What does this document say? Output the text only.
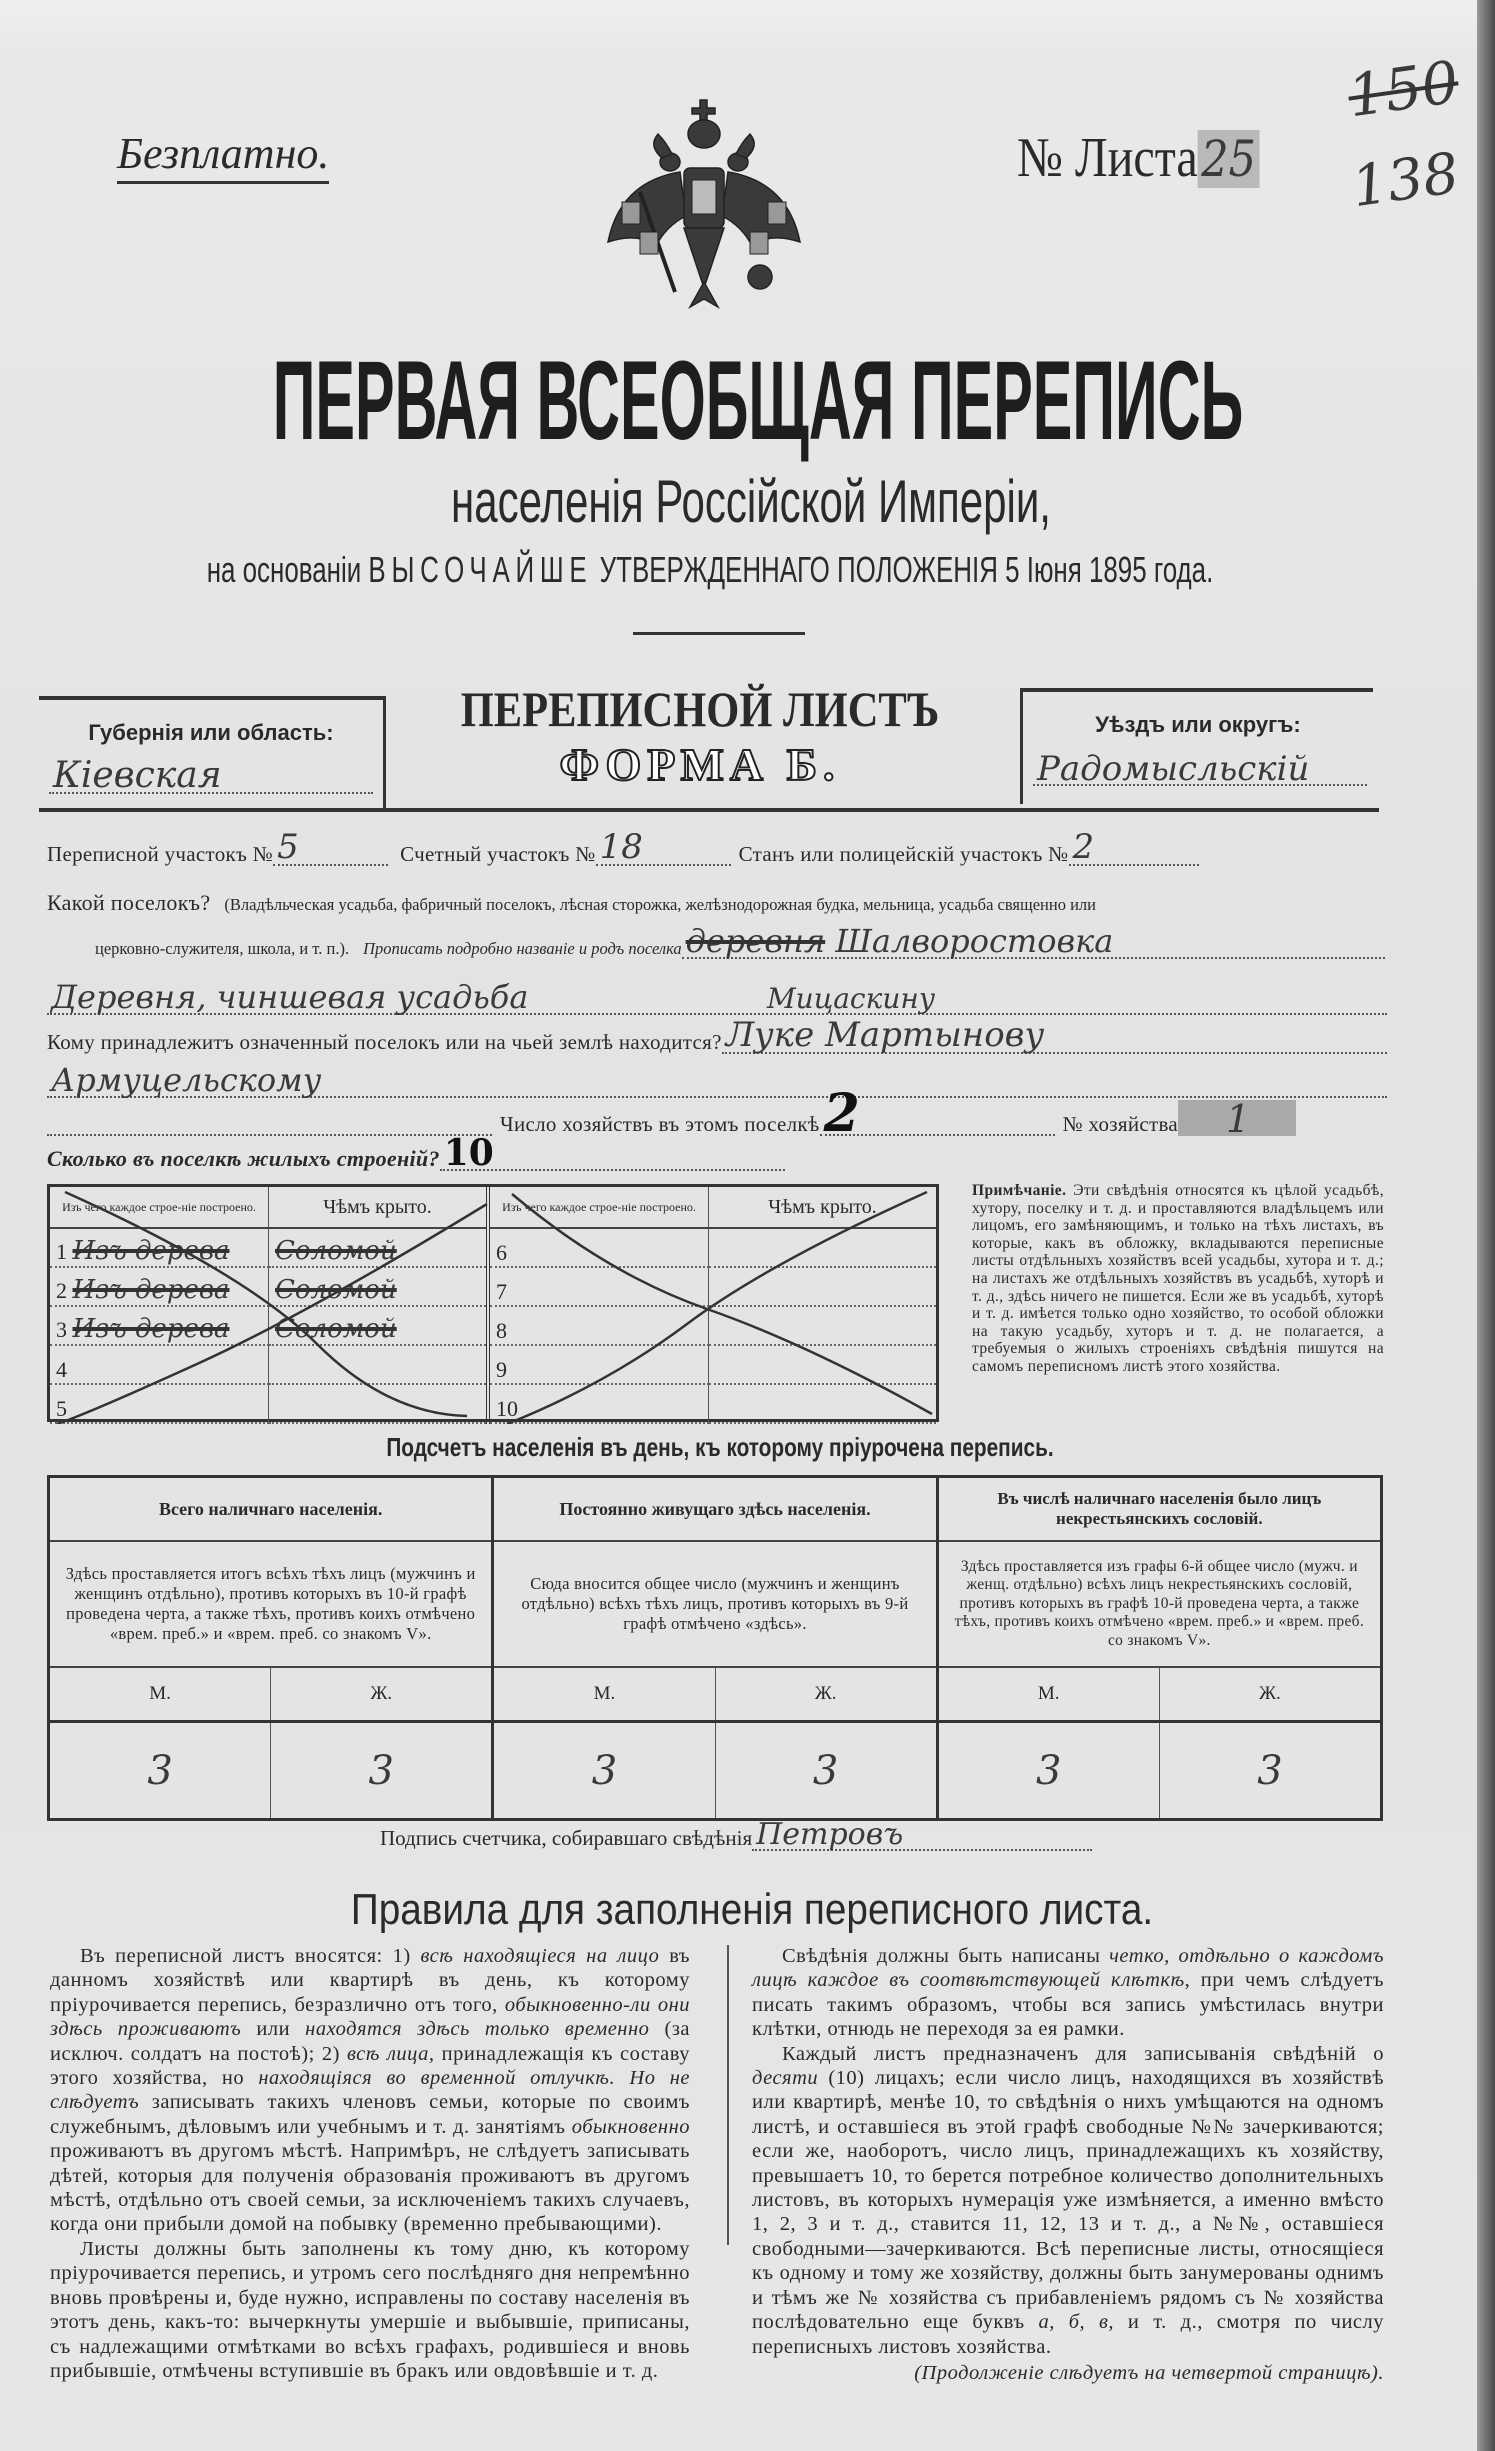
Безплатно.	№ Листа25
150
138
ПЕРВАЯ ВСЕОБЩАЯ ПЕРЕПИСЬ
населенія Россійской Имперіи,
на основаніи ВЫСОЧАЙШЕ УТВЕРЖДЕННАГО ПОЛОЖЕНІЯ 5 Іюня 1895 года.
Губернія или область:
Кіевская
ПЕРЕПИСНОЙ ЛИСТЪ
ФОРМА Б.
Уѣздъ или округъ:
Радомысльскій
Переписной участокъ № 5	Счетный участокъ № 18	Станъ или полицейскій участокъ № 2
Какой поселокъ? (Владѣльческая усадьба, фабричный поселокъ, лѣсная сторожка, желѣзнодорожная будка, мельница, усадьба священно или
церковно-служителя, школа, и т. п.). Прописать подробно названіе и родъ поселка деревня Шалворостовка
Деревня, чиншевая усадьба	Мицаскину
Кому принадлежитъ означенный поселокъ или на чьей землѣ находится? Луке Мартынову
Армуцельскому
Число хозяйствъ въ этомъ поселкѣ 2	№ хозяйства 1
Сколько въ поселкѣ жилыхъ строеній? 10
Изъ чего каждое строе-ніе построено.	Чѣмъ крыто.
1 Изъ дерева	Соломой
2 Изъ дерева	Соломой
3 Изъ дерева	Соломой
4	
5	
Изъ чего каждое строе-ніе построено.	Чѣмъ крыто.
6	
7	
8	
9	
10	
Примѣчаніе. Эти свѣдѣнія относятся къ цѣлой усадьбѣ, хутору, поселку и т. д. и проставляются владѣльцемъ или лицомъ, его замѣняющимъ, и только на тѣхъ листахъ, въ которые, какъ въ обложку, вкладываются переписные листы отдѣльныхъ хозяйствъ всей усадьбы, хутора и т. д.; на листахъ же отдѣльныхъ хозяйствъ въ усадьбѣ, хуторѣ и т. д., здѣсь ничего не пишется. Если же въ усадьбѣ, хуторѣ и т. д. имѣется только одно хозяйство, то особой обложки на такую усадьбу, хуторъ и т. д. не полагается, а требуемыя о жилыхъ строеніяхъ свѣдѣнія пишутся на самомъ переписномъ листѣ этого хозяйства.
Подсчетъ населенія въ день, къ которому пріурочена перепись.
Всего наличнаго населенія.
Здѣсь проставляется итогъ всѣхъ тѣхъ лицъ (мужчинъ и женщинъ отдѣльно), противъ которыхъ въ 10-й графѣ проведена черта, а также тѣхъ, противъ коихъ отмѣчено «врем. преб.» и «врем. преб. со знакомъ V».
М.	Ж.
3	3
Постоянно живущаго здѣсь населенія.
Сюда вносится общее число (мужчинъ и женщинъ отдѣльно) всѣхъ тѣхъ лицъ, противъ которыхъ въ 9-й графѣ отмѣчено «здѣсь».
М.	Ж.
3	3
Въ числѣ наличнаго населенія было лицъ некрестьянскихъ сословій.
Здѣсь проставляется изъ графы 6-й общее число (мужч. и женщ. отдѣльно) всѣхъ лицъ некрестьянскихъ сословій, противъ которыхъ въ графѣ 10-й проведена черта, а также тѣхъ, противъ коихъ отмѣчено «врем. преб.» и «врем. преб. со знакомъ V».
М.	Ж.
3	3
Подпись счетчика, собиравшаго свѣдѣнія Петровъ
Правила для заполненія переписного листа.

Въ переписной листъ вносятся: 1) всѣ находящіеся на лицо въ данномъ хозяйствѣ или квартирѣ въ день, къ которому пріурочивается перепись, безразлично отъ того, обыкновенно-ли они здѣсь проживаютъ или находятся здѣсь только временно (за исключ. солдатъ на постоѣ); 2) всѣ лица, принадлежащія къ составу этого хозяйства, но находящіяся во временной отлучкѣ. Но не слѣдуетъ записывать такихъ членовъ семьи, которые по своимъ служебнымъ, дѣловымъ или учебнымъ и т. д. занятіямъ обыкновенно проживаютъ въ другомъ мѣстѣ. Напримѣръ, не слѣдуетъ записывать дѣтей, которыя для полученія образованія проживаютъ въ другомъ мѣстѣ, отдѣльно отъ своей семьи, за исключеніемъ такихъ случаевъ, когда они прибыли домой на побывку (временно пребывающими).

Листы должны быть заполнены къ тому дню, къ которому пріурочивается перепись, и утромъ сего послѣдняго дня непремѣнно вновь провѣрены и, буде нужно, исправлены по составу населенія въ этотъ день, какъ-то: вычеркнуты умершіе и выбывшіе, приписаны, съ надлежащими отмѣтками во всѣхъ графахъ, родившіеся и вновь прибывшіе, отмѣчены вступившіе въ бракъ или овдовѣвшіе и т. д.

Свѣдѣнія должны быть написаны четко, отдѣльно о каждомъ лицѣ каждое въ соотвѣтствующей клѣткѣ, при чемъ слѣдуетъ писать такимъ образомъ, чтобы вся запись умѣстилась внутри клѣтки, отнюдь не переходя за ея рамки.

Каждый листъ предназначенъ для записыванія свѣдѣній о десяти (10) лицахъ; если число лицъ, находящихся въ хозяйствѣ или квартирѣ, менѣе 10, то свѣдѣнія о нихъ умѣщаются на одномъ листѣ, и оставшіеся въ этой графѣ свободные №№ зачеркиваются; если же, наоборотъ, число лицъ, принадлежащихъ къ хозяйству, превышаетъ 10, то берется потребное количество дополнительныхъ листовъ, въ которыхъ нумерація уже измѣняется, а именно вмѣсто 1, 2, 3 и т. д., ставится 11, 12, 13 и т. д., а №№, оставшіеся свободными—зачеркиваются. Всѣ переписные листы, относящіеся къ одному и тому же хозяйству, должны быть занумерованы однимъ и тѣмъ же № хозяйства съ прибавленіемъ рядомъ съ № хозяйства послѣдовательно еще буквъ а, б, в, и т. д., смотря по числу переписныхъ листовъ хозяйства.

(Продолженіе слѣдуетъ на четвертой страницѣ).
